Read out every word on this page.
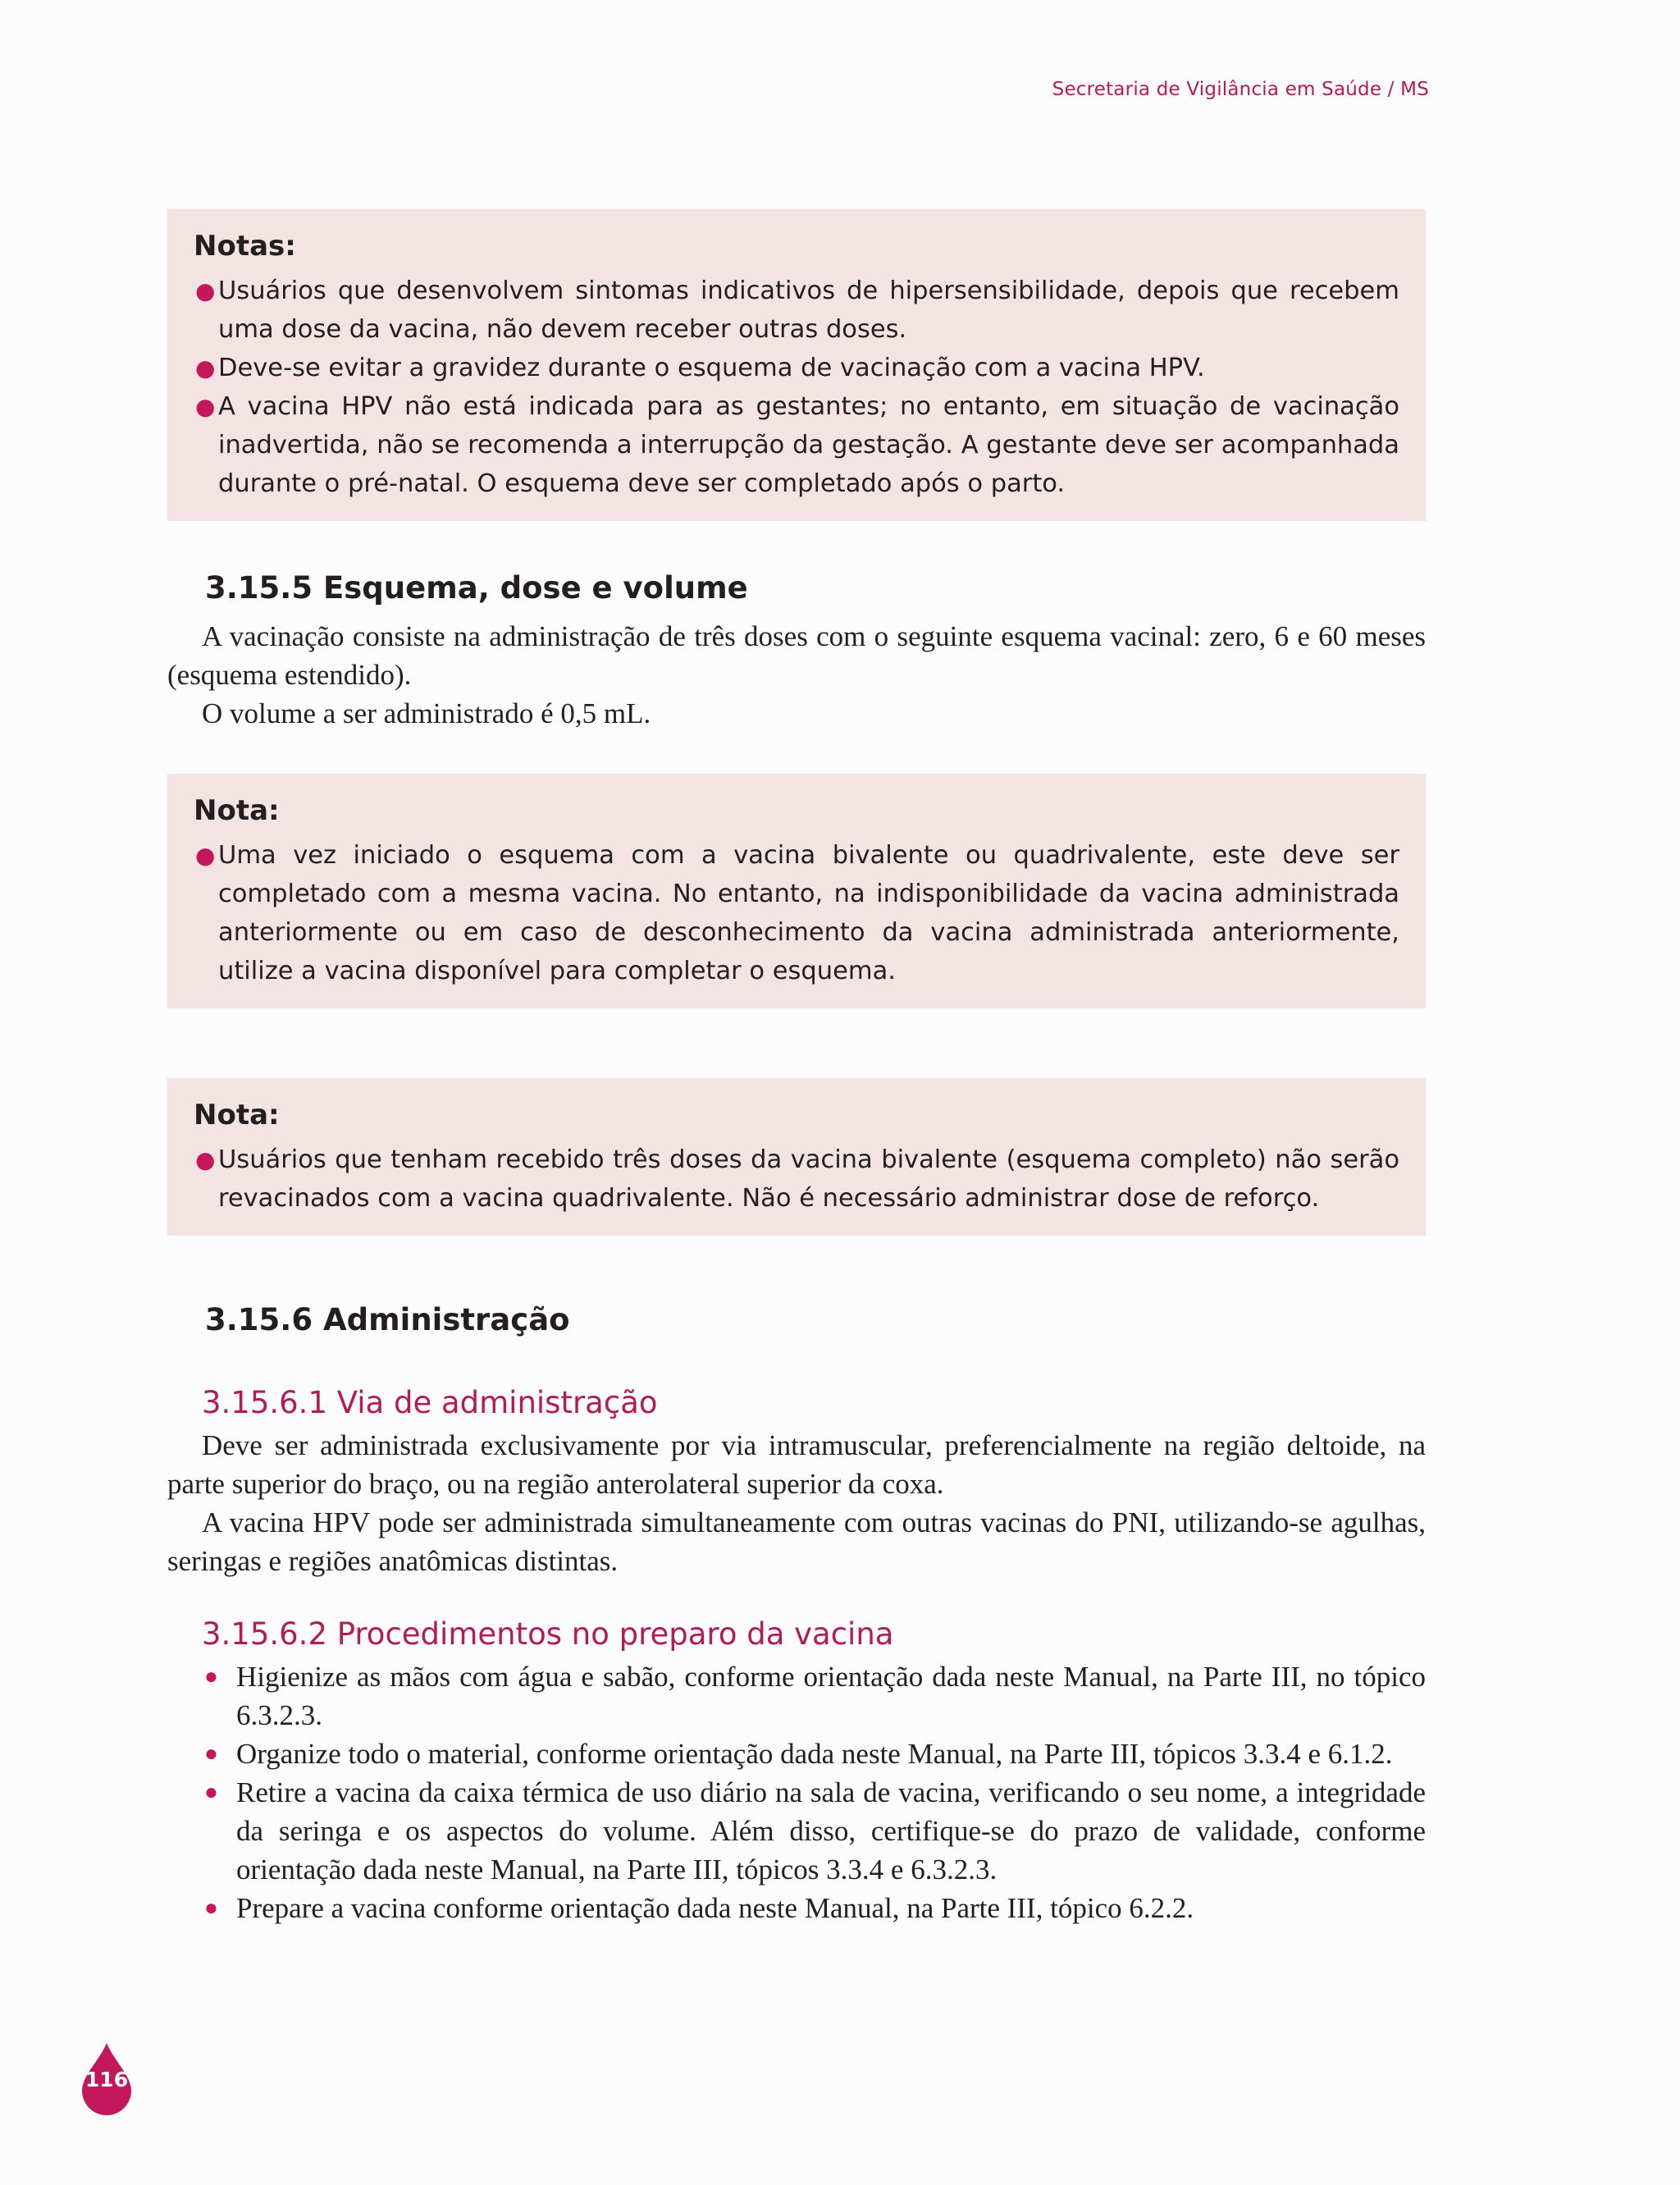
Secretaria de Vigilância em Saúde / MS
Notas:
● Usuários que desenvolvem sintomas indicativos de hipersensibilidade, depois que recebem uma dose da vacina, não devem receber outras doses.
● Deve-se evitar a gravidez durante o esquema de vacinação com a vacina HPV.
● A vacina HPV não está indicada para as gestantes; no entanto, em situação de vacinação inadvertida, não se recomenda a interrupção da gestação. A gestante deve ser acompanhada durante o pré-natal. O esquema deve ser completado após o parto.
3.15.5 Esquema, dose e volume
A vacinação consiste na administração de três doses com o seguinte esquema vacinal: zero, 6 e 60 meses (esquema estendido).
O volume a ser administrado é 0,5 mL.
Nota:
● Uma vez iniciado o esquema com a vacina bivalente ou quadrivalente, este deve ser completado com a mesma vacina. No entanto, na indisponibilidade da vacina administrada anteriormente ou em caso de desconhecimento da vacina administrada anteriormente, utilize a vacina disponível para completar o esquema.
Nota:
● Usuários que tenham recebido três doses da vacina bivalente (esquema completo) não serão revacinados com a vacina quadrivalente. Não é necessário administrar dose de reforço.
3.15.6 Administração
3.15.6.1 Via de administração
Deve ser administrada exclusivamente por via intramuscular, preferencialmente na região deltoide, na parte superior do braço, ou na região anterolateral superior da coxa.
A vacina HPV pode ser administrada simultaneamente com outras vacinas do PNI, utilizando-se agulhas, seringas e regiões anatômicas distintas.
3.15.6.2 Procedimentos no preparo da vacina
● Higienize as mãos com água e sabão, conforme orientação dada neste Manual, na Parte III, no tópico 6.3.2.3.
● Organize todo o material, conforme orientação dada neste Manual, na Parte III, tópicos 3.3.4 e 6.1.2.
● Retire a vacina da caixa térmica de uso diário na sala de vacina, verificando o seu nome, a integridade da seringa e os aspectos do volume. Além disso, certifique-se do prazo de validade, conforme orientação dada neste Manual, na Parte III, tópicos 3.3.4 e 6.3.2.3.
● Prepare a vacina conforme orientação dada neste Manual, na Parte III, tópico 6.2.2.
116
